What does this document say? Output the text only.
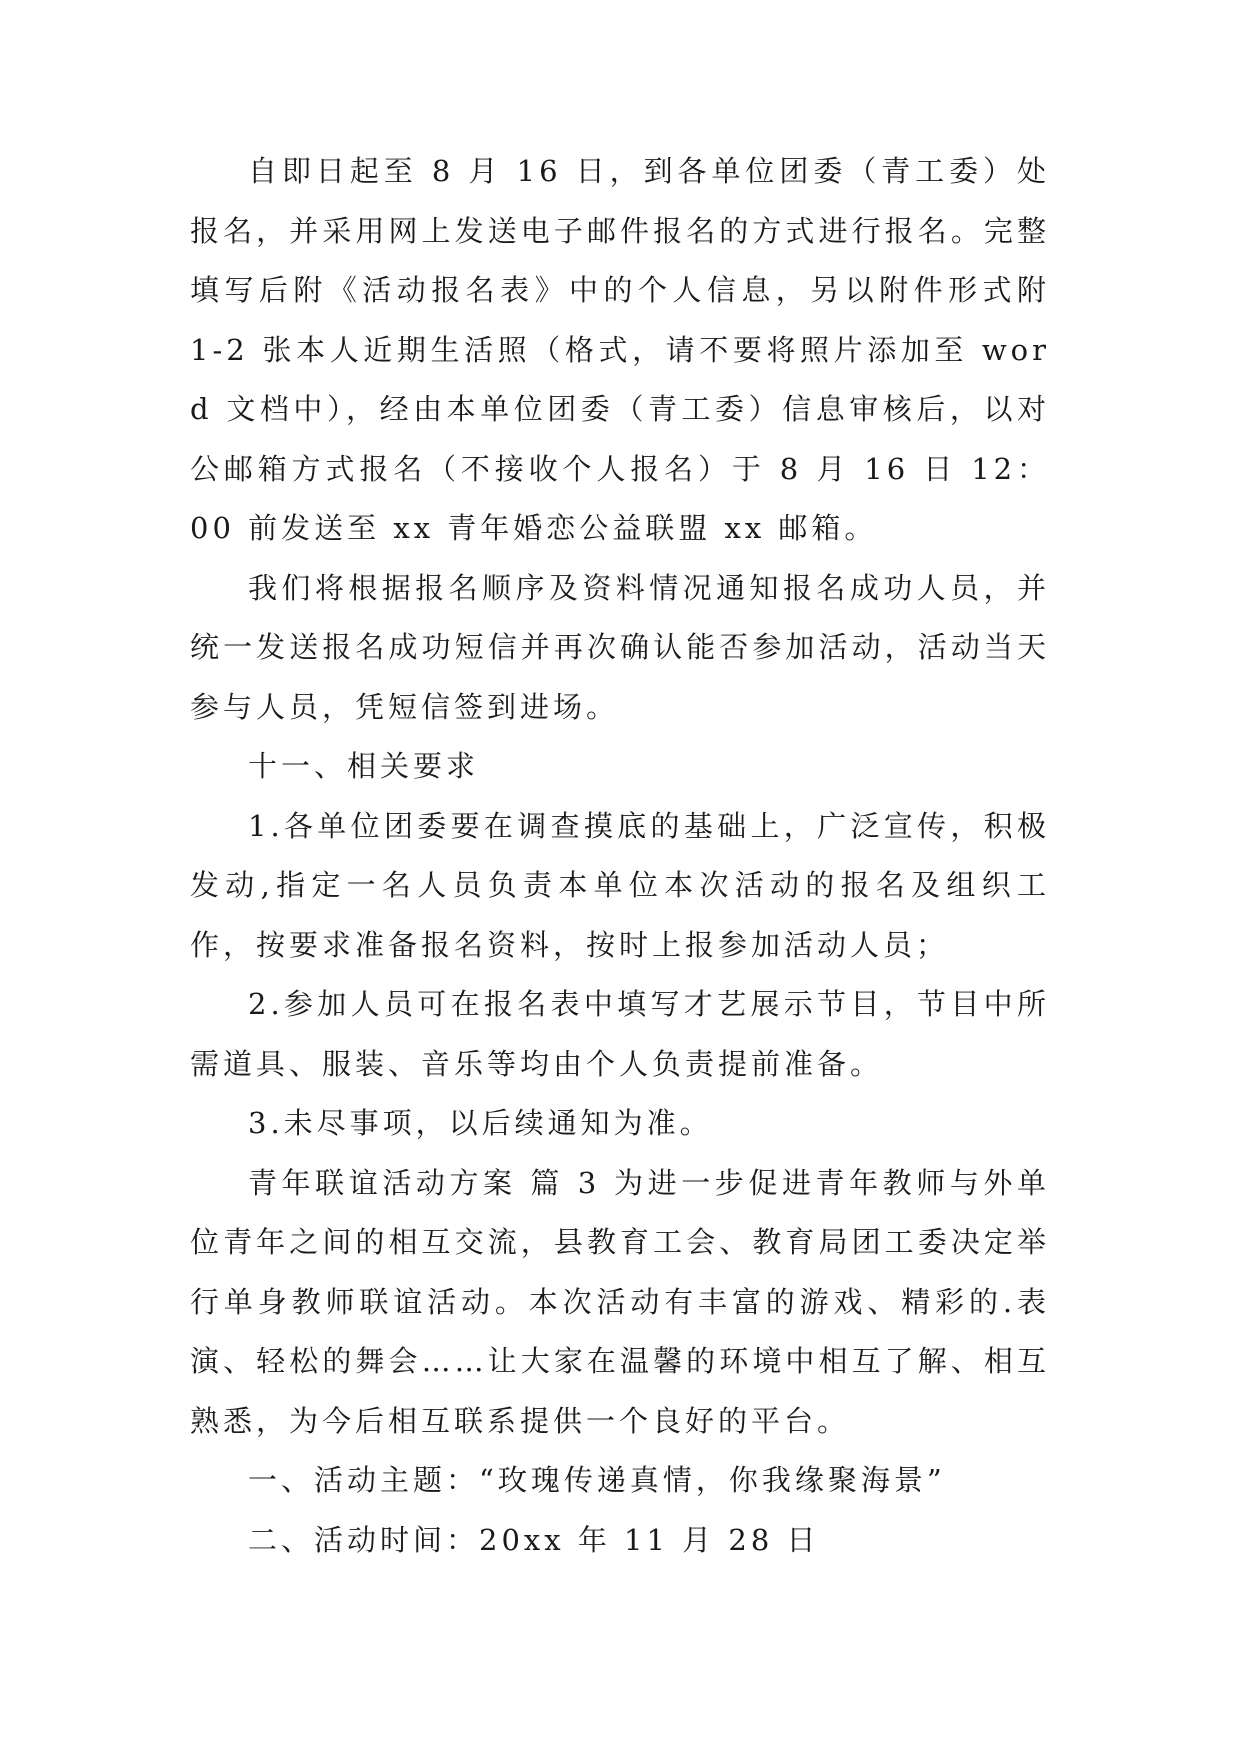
自即日起至 8 月 16 日，到各单位团委（青工委）处报名，并采用网上发送电子邮件报名的方式进行报名。完整填写后附《活动报名表》中的个人信息，另以附件形式附 1-2 张本人近期生活照（格式，请不要将照片添加至 word 文档中），经由本单位团委（青工委）信息审核后，以对公邮箱方式报名（不接收个人报名）于 8 月 16 日 12：00 前发送至 xx 青年婚恋公益联盟 xx 邮箱。

我们将根据报名顺序及资料情况通知报名成功人员，并统一发送报名成功短信并再次确认能否参加活动，活动当天参与人员，凭短信签到进场。

十一、相关要求

1.各单位团委要在调查摸底的基础上，广泛宣传，积极发动,指定一名人员负责本单位本次活动的报名及组织工作，按要求准备报名资料，按时上报参加活动人员；

2.参加人员可在报名表中填写才艺展示节目，节目中所需道具、服装、音乐等均由个人负责提前准备。

3.未尽事项，以后续通知为准。

青年联谊活动方案 篇 3 为进一步促进青年教师与外单位青年之间的相互交流，县教育工会、教育局团工委决定举行单身教师联谊活动。本次活动有丰富的游戏、精彩的.表演、轻松的舞会……让大家在温馨的环境中相互了解、相互熟悉，为今后相互联系提供一个良好的平台。

一、活动主题：“玫瑰传递真情，你我缘聚海景”

二、活动时间：20xx 年 11 月 28 日
